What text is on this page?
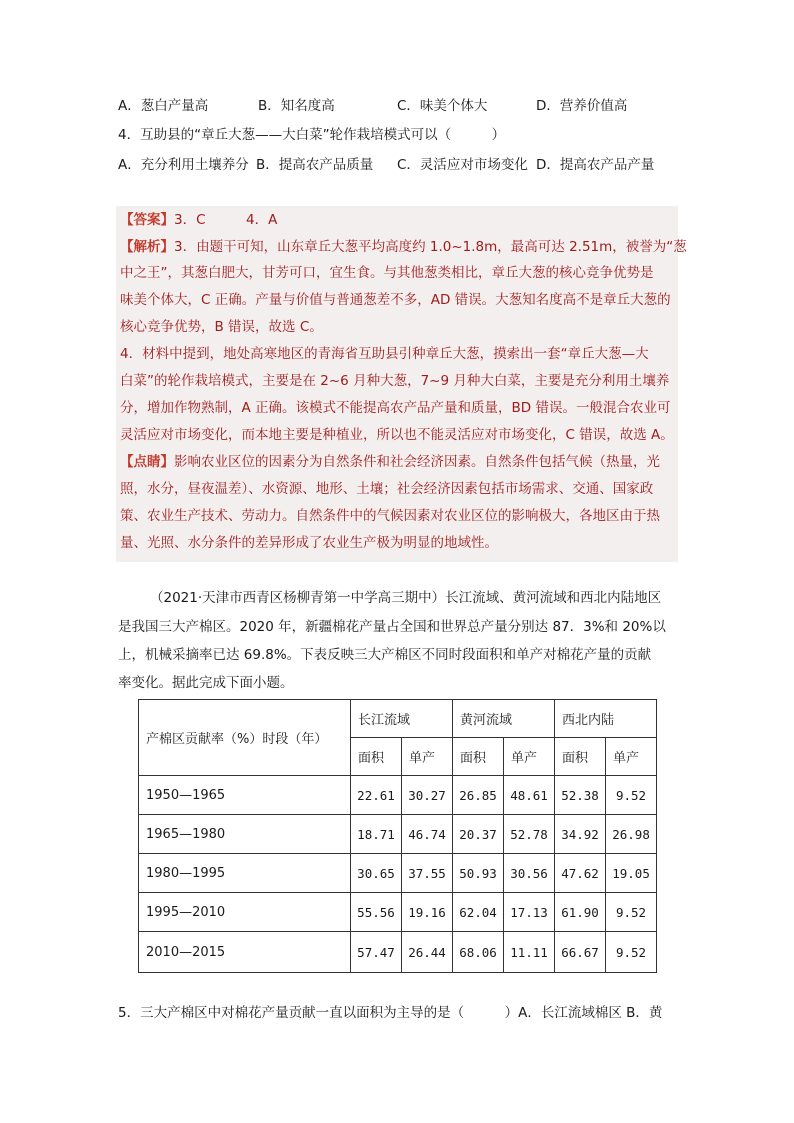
A．葱白产量高	B．知名度高	C．味美个体大	D．营养价值高
4．互助县的“章丘大葱——大白菜”轮作栽培模式可以（　　　）
A．充分利用土壤养分 B．提高农产品质量 C．灵活应对市场变化 D．提高农产品产量
【答案】3．C　　　4．A
【解析】3．由题干可知，山东章丘大葱平均高度约 1.0~1.8m，最高可达 2.51m，被誉为“葱
中之王”，其葱白肥大，甘芳可口，宜生食。与其他葱类相比，章丘大葱的核心竞争优势是
味美个体大，C 正确。产量与价值与普通葱差不多，AD 错误。大葱知名度高不是章丘大葱的
核心竞争优势，B 错误，故选 C。
4．材料中提到，地处高寒地区的青海省互助县引种章丘大葱，摸索出一套“章丘大葱—大
白菜”的轮作栽培模式，主要是在 2~6 月种大葱，7~9 月种大白菜，主要是充分利用土壤养
分，增加作物熟制，A 正确。该模式不能提高农产品产量和质量，BD 错误。一般混合农业可
灵活应对市场变化，而本地主要是种植业，所以也不能灵活应对市场变化，C 错误，故选 A。
【点睛】影响农业区位的因素分为自然条件和社会经济因素。自然条件包括气候（热量，光
照，水分，昼夜温差）、水资源、地形、土壤；社会经济因素包括市场需求、交通、国家政
策、农业生产技术、劳动力。自然条件中的气候因素对农业区位的影响极大，各地区由于热
量、光照、水分条件的差异形成了农业生产极为明显的地域性。
（2021·天津市西青区杨柳青第一中学高三期中）长江流域、黄河流域和西北内陆地区
是我国三大产棉区。2020 年，新疆棉花产量占全国和世界总产量分别达 87．3%和 20%以
上，机械采摘率已达 69.8%。下表反映三大产棉区不同时段面积和单产对棉花产量的贡献
率变化。据此完成下面小题。
产棉区贡献率（%）时段（年）	长江流域		黄河流域		西北内陆	
	面积	单产	面积	单产	面积	单产
1950—1965	22.61	30.27	26.85	48.61	52.38	9.52
1965—1980	18.71	46.74	20.37	52.78	34.92	26.98
1980—1995	30.65	37.55	50.93	30.56	47.62	19.05
1995—2010	55.56	19.16	62.04	17.13	61.90	9.52
2010—2015	57.47	26.44	68.06	11.11	66.67	9.52
5．三大产棉区中对棉花产量贡献一直以面积为主导的是（　　　）A．长江流域棉区 B．黄
